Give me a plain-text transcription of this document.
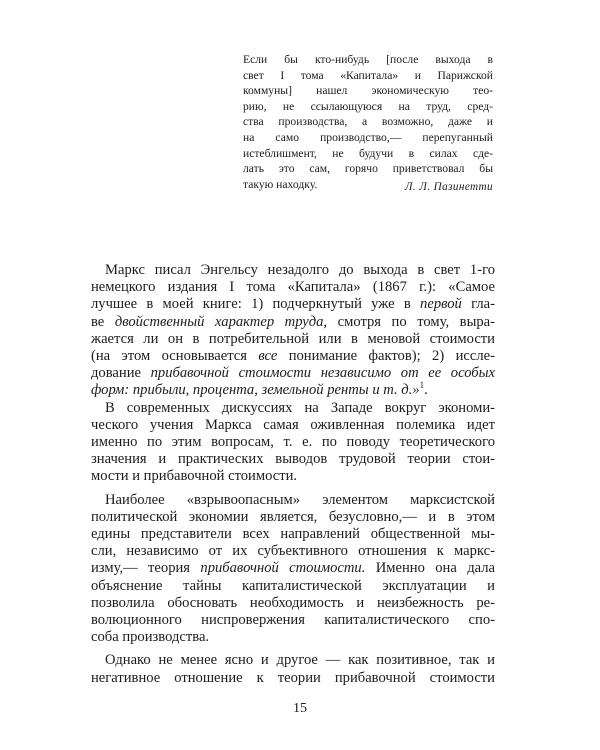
Если бы кто-нибудь [после выхода в
свет I тома «Капитала» и Парижской
коммуны] нашел экономическую тео-
рию, не ссылающуюся на труд, сред-
ства производства, а возможно, даже и
на само производство,— перепуганный
истеблишмент, не будучи в силах сде-
лать это сам, горячо приветствовал бы
такую находку.	Л. Л. Пазинетти
Маркс писал Энгельсу незадолго до выхода в свет 1-го
немецкого издания I тома «Капитала» (1867 г.): «Самое
лучшее в моей книге: 1) подчеркнутый уже в первой гла-
ве двойственный характер труда, смотря по тому, выра-
жается ли он в потребительной или в меновой стоимости
(на этом основывается все понимание фактов); 2) иссле-
дование прибавочной стоимости независимо от ее особых
форм: прибыли, процента, земельной ренты и т. д.»$^1$.
В современных дискуссиях на Западе вокруг экономи-
ческого учения Маркса самая оживленная полемика идет
именно по этим вопросам, т. е. по поводу теоретического
значения и практических выводов трудовой теории стои-
мости и прибавочной стоимости.
Наиболее «взрывоопасным» элементом марксистской
политической экономии является, безусловно,— и в этом
едины представители всех направлений общественной мы-
сли, независимо от их субъективного отношения к маркс-
изму,— теория прибавочной стоимости. Именно она дала
объяснение тайны капиталистической эксплуатации и
позволила обосновать необходимость и неизбежность ре-
волюционного ниспровержения капиталистического спо-
соба производства.
Однако не менее ясно и другое — как позитивное, так и
негативное отношение к теории прибавочной стоимости
15
